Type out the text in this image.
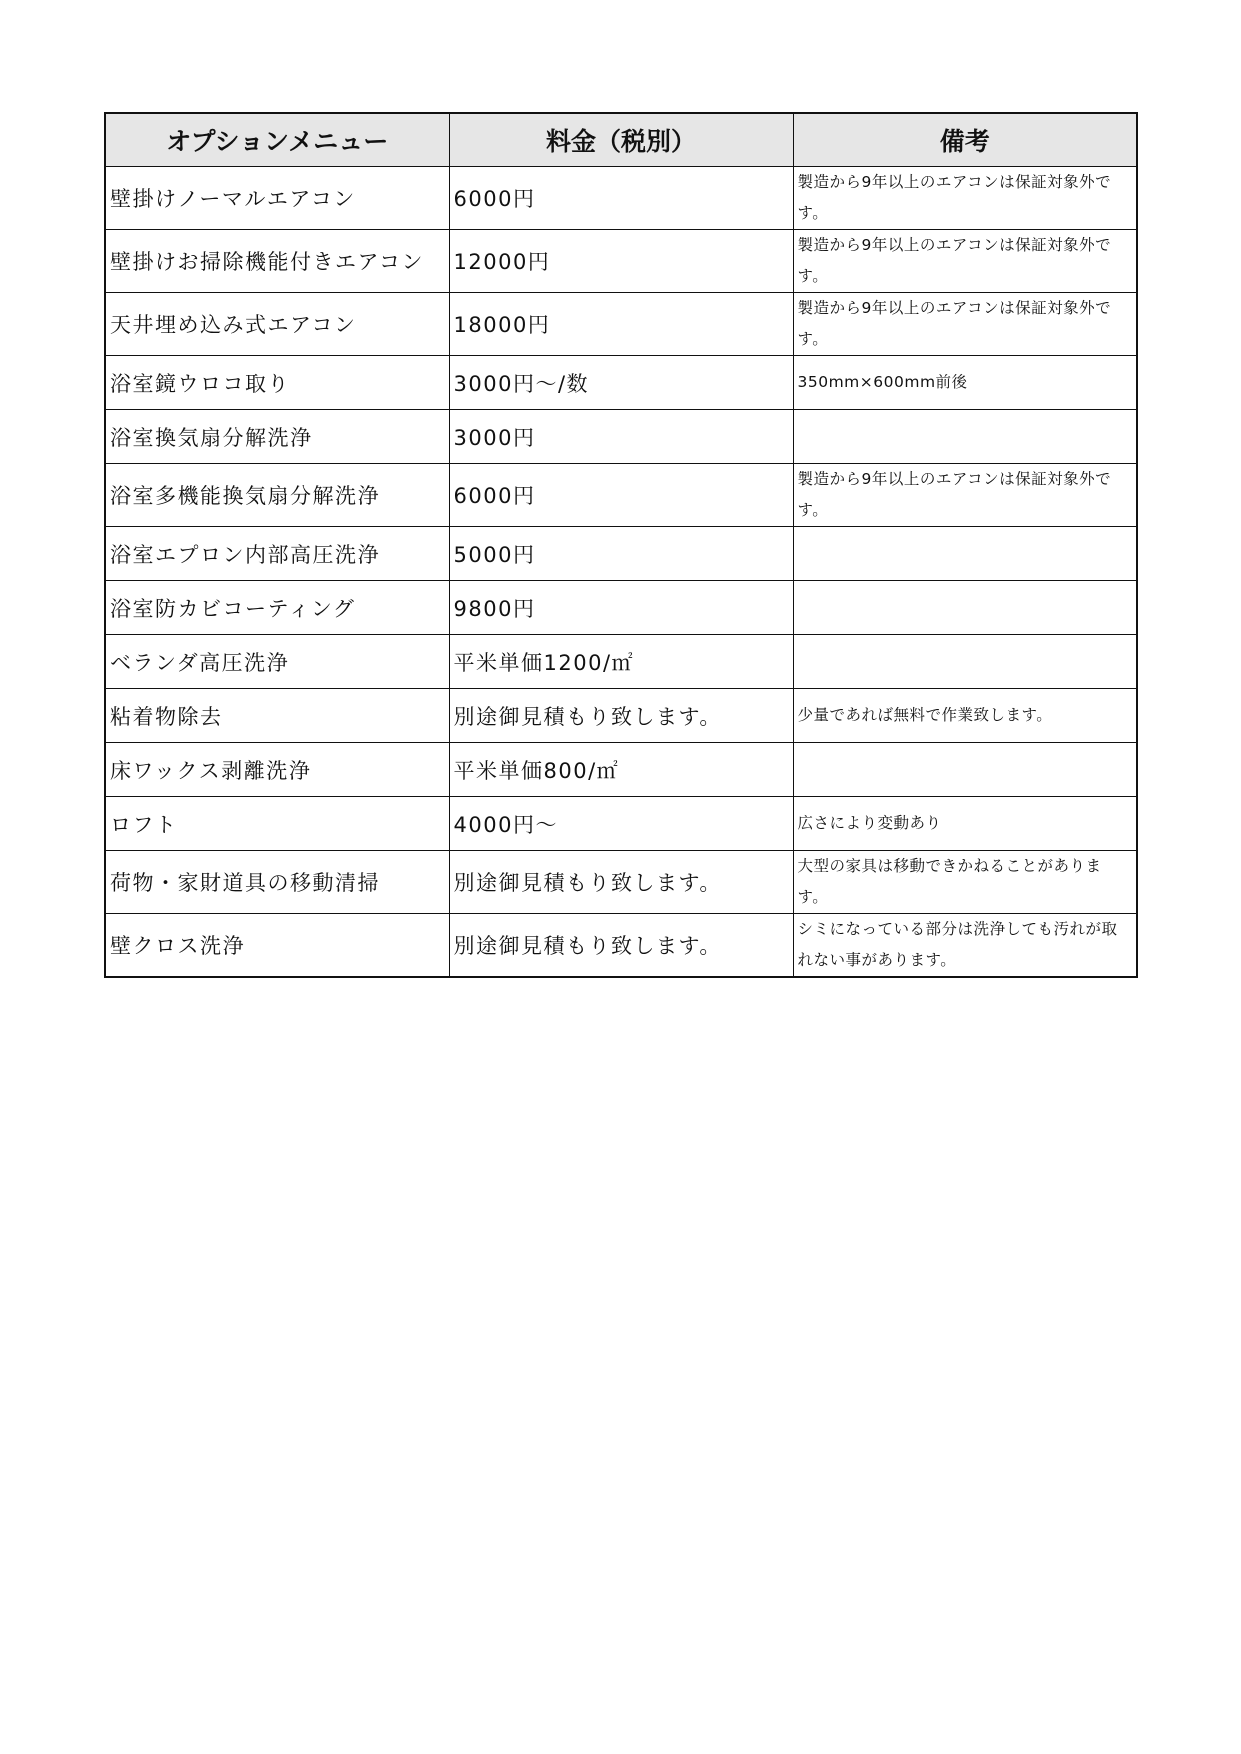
オプションメニュー	料金（税別）	備考
壁掛けノーマルエアコン	6000円	製造から9年以上のエアコンは保証対象外です。
壁掛けお掃除機能付きエアコン	12000円	製造から9年以上のエアコンは保証対象外です。
天井埋め込み式エアコン	18000円	製造から9年以上のエアコンは保証対象外です。
浴室鏡ウロコ取り	3000円～/数	350mm×600mm前後
浴室換気扇分解洗浄	3000円	
浴室多機能換気扇分解洗浄	6000円	製造から9年以上のエアコンは保証対象外です。
浴室エプロン内部高圧洗浄	5000円	
浴室防カビコーティング	9800円	
ベランダ高圧洗浄	平米単価1200/㎡	
粘着物除去	別途御見積もり致します。	少量であれば無料で作業致します。
床ワックス剥離洗浄	平米単価800/㎡	
ロフト	4000円～	広さにより変動あり
荷物・家財道具の移動清掃	別途御見積もり致します。	大型の家具は移動できかねることがあります。
壁クロス洗浄	別途御見積もり致します。	シミになっている部分は洗浄しても汚れが取れない事があります。
